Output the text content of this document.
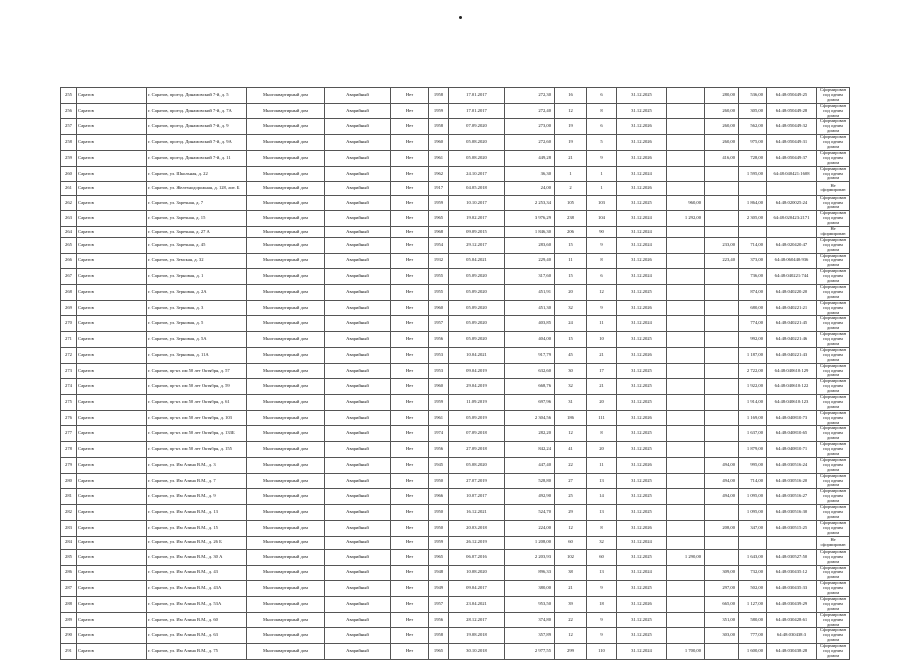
255	Саратов	г. Саратов, проезд. Динамовский 7-й, д. 5	Многоквартирный дом	Аварийный	Нет	1958	17.01.2017	272,30	16	6	31.12.2025		280,00	536,00	64:48:050449:25	Сформирован под одним домом
256	Саратов	г. Саратов, проезд. Динамовский 7-й, д. 7А	Многоквартирный дом	Аварийный	Нет	1959	17.01.2017	272,40	12	8	31.12.2025		260,00	305,00	64:48:050449:28	Сформирован под одним домом
257	Саратов	г. Саратов, проезд. Динамовский 7-й, д. 9	Многоквартирный дом	Аварийный	Нет	1958	07.09.2020	273,00	19	6	31.12.2026		260,00	562,00	64:48:050449:32	Сформирован под одним домом
258	Саратов	г. Саратов, проезд. Динамовский 7-й, д. 9А	Многоквартирный дом	Аварийный	Нет	1960	05.08.2020	272,60	19	5	31.12.2026		260,00	975,00	64:48:050449:31	Сформирован под одним домом
259	Саратов	г. Саратов, проезд. Динамовский 7-й, д. 11	Многоквартирный дом	Аварийный	Нет	1961	05.08.2020	449,28	21	9	31.12.2026		416,00	728,00	64:48:050449:37	Сформирован под одним домом
260	Саратов	г. Саратов, ул. Школьная, д. 22	Многоквартирный дом	Аварийный	Нет	1962	24.10.2017	36,30	1	1	31.12.2024			1 595,00	64:48:040421:1608	Сформирован под одним домом
261	Саратов	г. Саратов, ул. Железнодорожная, д. 128, лит. Б	Многоквартирный дом	Аварийный	Нет	1917	04.05.2018	24,00	2	1	31.12.2026					Не сформирован
262	Саратов	г. Саратов, ул. Заречная, д. 7	Многоквартирный дом	Аварийный	Нет	1959	10.10.2017	2 253,34	105	103	31.12.2025	960,00		1 864,00	64:48:020025:24	Сформирован под одним домом
263	Саратов	г. Саратов, ул. Заречная, д. 15	Многоквартирный дом	Аварийный	Нет	1965	19.02.2017	3 976,29	238	104	31.12.2024	1 292,00		2 305,00	64:48:020423:2171	Сформирован под одним домом
264	Саратов	г. Саратов, ул. Заречная, д. 27 А	Многоквартирный дом	Аварийный	Нет	1968	09.09.2015	1 846,30	206	90	31.12.2024					Не сформирован
265	Саратов	г. Саратов, ул. Заречная, д. 45	Многоквартирный дом	Аварийный	Нет	1954	29.12.2017	283,60	15	9	31.12.2024		233,00	714,00	64:48:020420:47	Сформирован под одним домом
266	Саратов	г. Саратов, ул. Земская, д. 32	Многоквартирный дом	Аварийный	Нет	1932	05.04.2021	229,40	11	8	31.12.2026		223,40	373,00	64:48:060440:936	Сформирован под одним домом
267	Саратов	г. Саратов, ул. Зерновая, д. 1	Многоквартирный дом	Аварийный	Нет	1955	05.09.2020	317,60	15	6	31.12.2024			736,00	64:48:040221:744	Сформирован под одним домом
268	Саратов	г. Саратов, ул. Зерновая, д. 2А	Многоквартирный дом	Аварийный	Нет	1955	05.09.2020	451,91	20	12	31.12.2025			874,00	64:48:040220:20	Сформирован под одним домом
269	Саратов	г. Саратов, ул. Зерновая, д. 3	Многоквартирный дом	Аварийный	Нет	1960	05.09.2020	451,30	32	9	31.12.2026			680,00	64:48:040221:21	Сформирован под одним домом
270	Саратов	г. Саратов, ул. Зерновая, д. 5	Многоквартирный дом	Аварийный	Нет	1957	05.09.2020	403,85	24	11	31.12.2024			774,00	64:48:040221:45	Сформирован под одним домом
271	Саратов	г. Саратов, ул. Зерновая, д. 5А	Многоквартирный дом	Аварийный	Нет	1956	05.09.2020	404,00	15	10	31.12.2025			992,00	64:48:040221:46	Сформирован под одним домом
272	Саратов	г. Саратов, ул. Зерновая, д. 11А	Многоквартирный дом	Аварийный	Нет	1953	10.04.2021	917,79	45	21	31.12.2026			1 187,00	64:48:040221:43	Сформирован под одним домом
273	Саратов	г. Саратов, пр-кт. им 50 лет Октября, д. 57	Многоквартирный дом	Аварийный	Нет	1953	09.04.2019	632,60	30	17	31.12.2025			2 722,00	64:48:040610:129	Сформирован под одним домом
274	Саратов	г. Саратов, пр-кт. им 50 лет Октября, д. 59	Многоквартирный дом	Аварийный	Нет	1960	29.04.2019	668,76	32	21	31.12.2025			1 922,00	64:48:040610:122	Сформирован под одним домом
275	Саратов	г. Саратов, пр-кт. им 50 лет Октября, д. 61	Многоквартирный дом	Аварийный	Нет	1959	11.09.2019	697,96	31	20	31.12.2025			1 914,00	64:48:040610:123	Сформирован под одним домом
276	Саратов	г. Саратов, пр-кт. им 50 лет Октября, д. 103	Многоквартирный дом	Аварийный	Нет	1961	05.09.2019	2 304,56	186	111	31.12.2026			1 169,00	64:48:040810:73	Сформирован под одним домом
277	Саратов	г. Саратов, пр-кт. им 50 лет Октября, д. 133Б	Многоквартирный дом	Аварийный	Нет	1974	07.09.2018	282,20	12	8	31.12.2025			1 637,00	64:48:040810:65	Сформирован под одним домом
278	Саратов	г. Саратов, пр-кт. им 50 лет Октября, д. 155	Многоквартирный дом	Аварийный	Нет	1956	27.09.2018	842,24	41	20	31.12.2025			1 879,00	64:48:040810:71	Сформирован под одним домом
279	Саратов	г. Саратов, ул. Им Азина В.М., д. 3	Многоквартирный дом	Аварийный	Нет	1945	05.08.2020	447,40	22	11	31.12.2026		494,00	995,00	64:48:030516:24	Сформирован под одним домом
280	Саратов	г. Саратов, ул. Им Азина В.М., д. 7	Многоквартирный дом	Аварийный	Нет	1950	27.07.2019	528,80	27	13	31.12.2025		494,00	714,00	64:48:030516:20	Сформирован под одним домом
281	Саратов	г. Саратов, ул. Им Азина В.М., д. 9	Многоквартирный дом	Аварийный	Нет	1966	10.07.2017	492,90	25	14	31.12.2025		494,00	1 095,00	64:48:030516:27	Сформирован под одним домом
282	Саратов	г. Саратов, ул. Им Азина В.М., д. 13	Многоквартирный дом	Аварийный	Нет	1950	16.12.2021	524,70	29	13	31.12.2025			1 095,00	64:48:030516:30	Сформирован под одним домом
283	Саратов	г. Саратов, ул. Им Азина В.М., д. 15	Многоквартирный дом	Аварийный	Нет	1950	20.03.2018	224,00	12	8	31.12.2026		208,00	347,00	64:48:030515:25	Сформирован под одним домом
284	Саратов	г. Саратов, ул. Им Азина В.М., д. 26 Б	Многоквартирный дом	Аварийный	Нет	1959	26.12.2019	1 208,00	60	32	31.12.2024					Не сформирован
285	Саратов	г. Саратов, ул. Им Азина В.М., д. 30 А	Многоквартирный дом	Аварийный	Нет	1965	06.07.2016	2 203,93	102	60	31.12.2025	1 290,00		1 643,00	64:48:030527:50	Сформирован под одним домом
286	Саратов	г. Саратов, ул. Им Азина В.М., д. 43	Многоквартирный дом	Аварийный	Нет	1948	10.08.2020	896,33	38	13	31.12.2024		309,00	732,00	64:48:030435:12	Сформирован под одним домом
287	Саратов	г. Саратов, ул. Им Азина В.М., д. 43А	Многоквартирный дом	Аварийный	Нет	1949	09.04.2017	380,00	21	9	31.12.2025		297,00	502,00	64:48:030435:33	Сформирован под одним домом
288	Саратов	г. Саратов, ул. Им Азина В.М., д. 53А	Многоквартирный дом	Аварийный	Нет	1957	23.04.2021	953,50	39	18	31.12.2026		665,00	1 127,00	64:48:030439:29	Сформирован под одним домом
289	Саратов	г. Саратов, ул. Им Азина В.М., д. 60	Многоквартирный дом	Аварийный	Нет	1956	28.12.2017	374,80	22	9	31.12.2025		351,00	580,00	64:48:030428:61	Сформирован под одним домом
290	Саратов	г. Саратов, ул. Им Азина В.М., д. 63	Многоквартирный дом	Аварийный	Нет	1958	19.08.2018	357,89	12	9	31.12.2025		303,00	777,00	64:48:030438:3	Сформирован под одним домом
291	Саратов	г. Саратов, ул. Им Азина В.М., д. 75	Многоквартирный дом	Аварийный	Нет	1965	30.10.2018	2 977,55	299	110	31.12.2024	1 700,00		1 600,00	64:48:030438:28	Сформирован под одним домом
